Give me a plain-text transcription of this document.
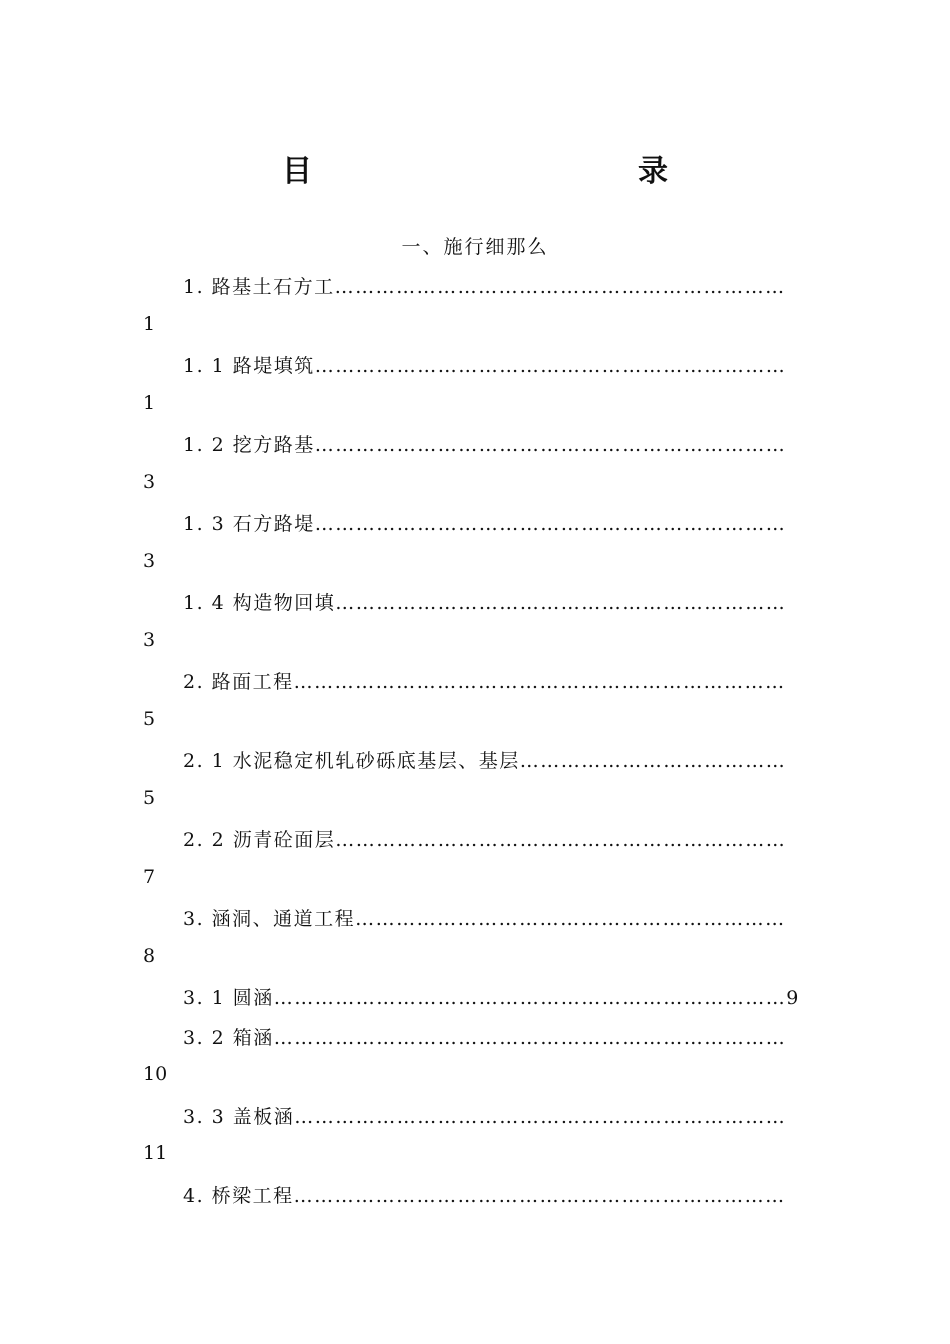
目	录
一、施行细那么
1. 路基土石方工…………………………………………………………
1
1. 1 路堤填筑……………………………………………………………
1
1. 2 挖方路基……………………………………………………………
3
1. 3 石方路堤……………………………………………………………
3
1. 4 构造物回填…………………………………………………………
3
2. 路面工程………………………………………………………………
5
2. 1 水泥稳定机轧砂砾底基层、基层…………………………………
5
2. 2 沥青砼面层…………………………………………………………
7
3. 涵洞、通道工程………………………………………………………
8
3. 1 圆涵…………………………………………………………………9
3. 2 箱涵…………………………………………………………………
10
3. 3 盖板涵………………………………………………………………
11
4. 桥梁工程………………………………………………………………
